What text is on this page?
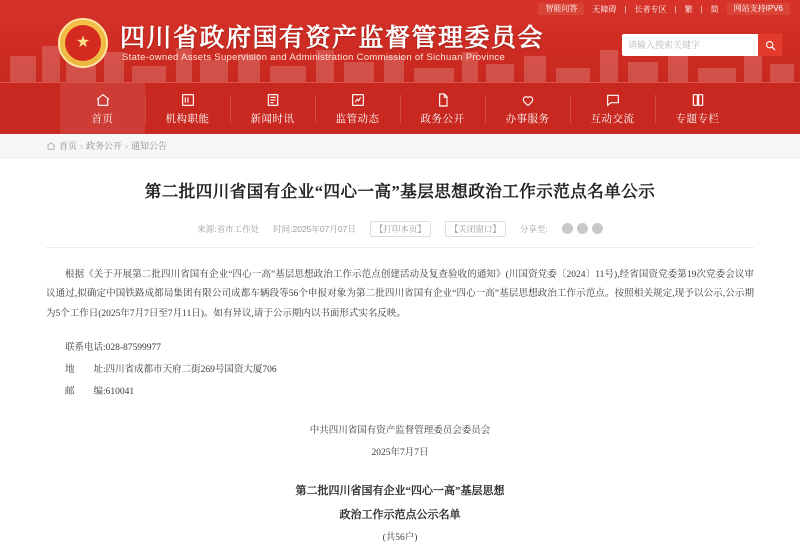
★	四川省政府国有资产监督管理委员会
State-owned Assets Supervision and Administration Commission of Sichuan Province
请输入搜索关键字
智能问答	无障碍 | 长者专区 | 繁 | 简	网站支持IPV6
首页	机构职能	新闻时讯	监管动态	政务公开	办事服务	互动交流	专题专栏
首页 › 政务公开 › 通知公告
第二批四川省国有企业“四心一高”基层思想政治工作示范点名单公示
来源:省市工作处 时间:2025年07月07日	【打印本页】	【关闭窗口】	分享至:

根据《关于开展第二批四川省国有企业“四心一高”基层思想政治工作示范点创建活动及复查验收的通知》(川国资党委〔2024〕11号),经省国资党委第19次党委会议审议通过,拟确定中国铁路成都局集团有限公司成都车辆段等56个申报对象为第二批四川省国有企业“四心一高”基层思想政治工作示范点。按照相关规定,现予以公示,公示期为5个工作日(2025年7月7日至7月11日)。如有异议,请于公示期内以书面形式实名反映。

联系电话:028-87599977
地　　址:四川省成都市天府二街269号国资大厦706
邮　　编:610041
中共四川省国有资产监督管理委员会委员会
2025年7月7日
第二批四川省国有企业“四心一高”基层思想
政治工作示范点公示名单
(共56户)
